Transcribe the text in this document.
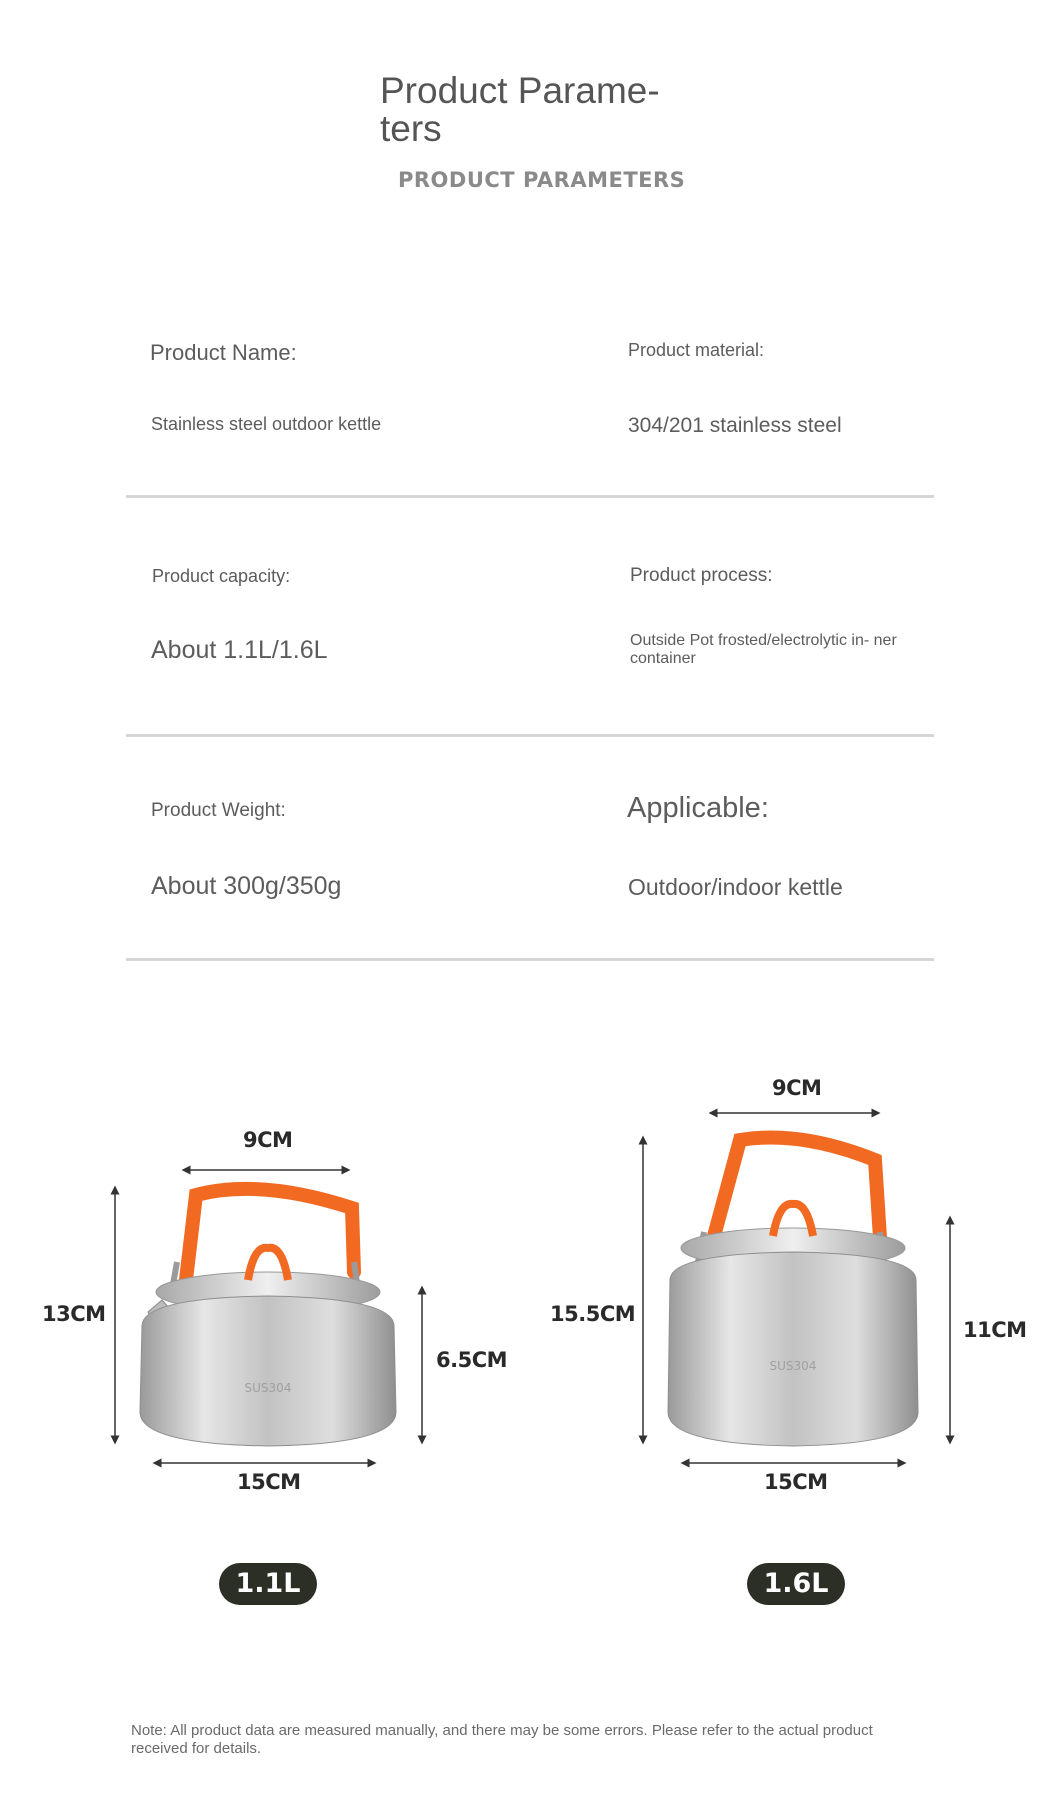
Product Parame- ters
PRODUCT PARAMETERS
Product Name:
Stainless steel outdoor kettle
Product material:
304/201 stainless steel
Product capacity:
About 1.1L/1.6L
Product process:
Outside Pot frosted/electrolytic in- ner container
Product Weight:
About 300g/350g
Applicable:
Outdoor/indoor kettle
SUS304
SUS304
9CM
13CM
6.5CM
15CM
1.1L
9CM
15.5CM
11CM
15CM
1.6L
Note: All product data are measured manually, and there may be some errors. Please refer to the actual product received for details.
